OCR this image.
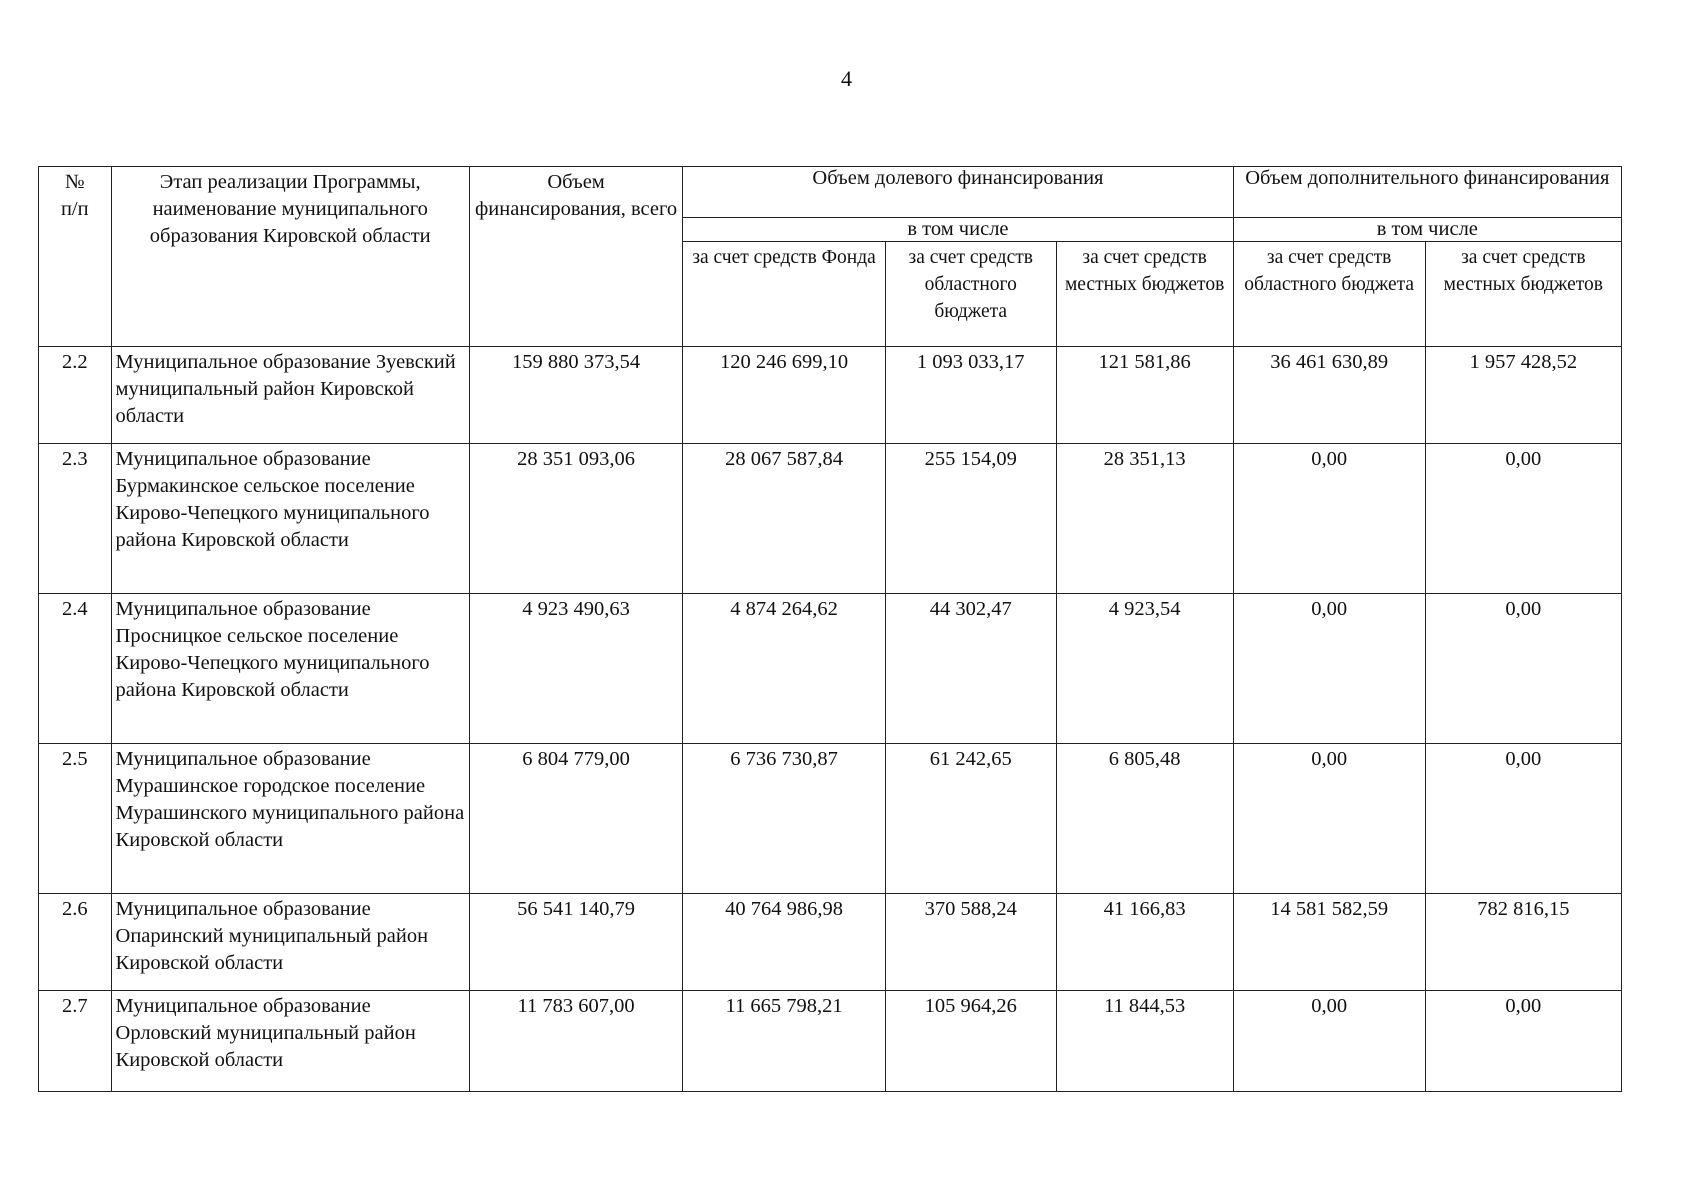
4
№
п/п	Этап реализации Программы, наименование муниципального образования Кировской области	Объем финансирования, всего	Объем долевого финансирования			Объем дополнительного финансирования	
			в том числе			в том числе	
			за счет средств Фонда	за счет средств областного бюджета	за счет средств местных бюджетов	за счет средств областного бюджета	за счет средств местных бюджетов
2.2	Муниципальное образование Зуевский муниципальный район Кировской области	159 880 373,54	120 246 699,10	1 093 033,17	121 581,86	36 461 630,89	1 957 428,52
2.3	Муниципальное образование Бурмакинское сельское поселение Кирово-Чепецкого муниципального района Кировской области	28 351 093,06	28 067 587,84	255 154,09	28 351,13	0,00	0,00
2.4	Муниципальное образование Просницкое сельское поселение Кирово-Чепецкого муниципального района Кировской области	4 923 490,63	4 874 264,62	44 302,47	4 923,54	0,00	0,00
2.5	Муниципальное образование Мурашинское городское поселение Мурашинского муниципального района Кировской области	6 804 779,00	6 736 730,87	61 242,65	6 805,48	0,00	0,00
2.6	Муниципальное образование Опаринский муниципальный район Кировской области	56 541 140,79	40 764 986,98	370 588,24	41 166,83	14 581 582,59	782 816,15
2.7	Муниципальное образование Орловский муниципальный район Кировской области	11 783 607,00	11 665 798,21	105 964,26	11 844,53	0,00	0,00
